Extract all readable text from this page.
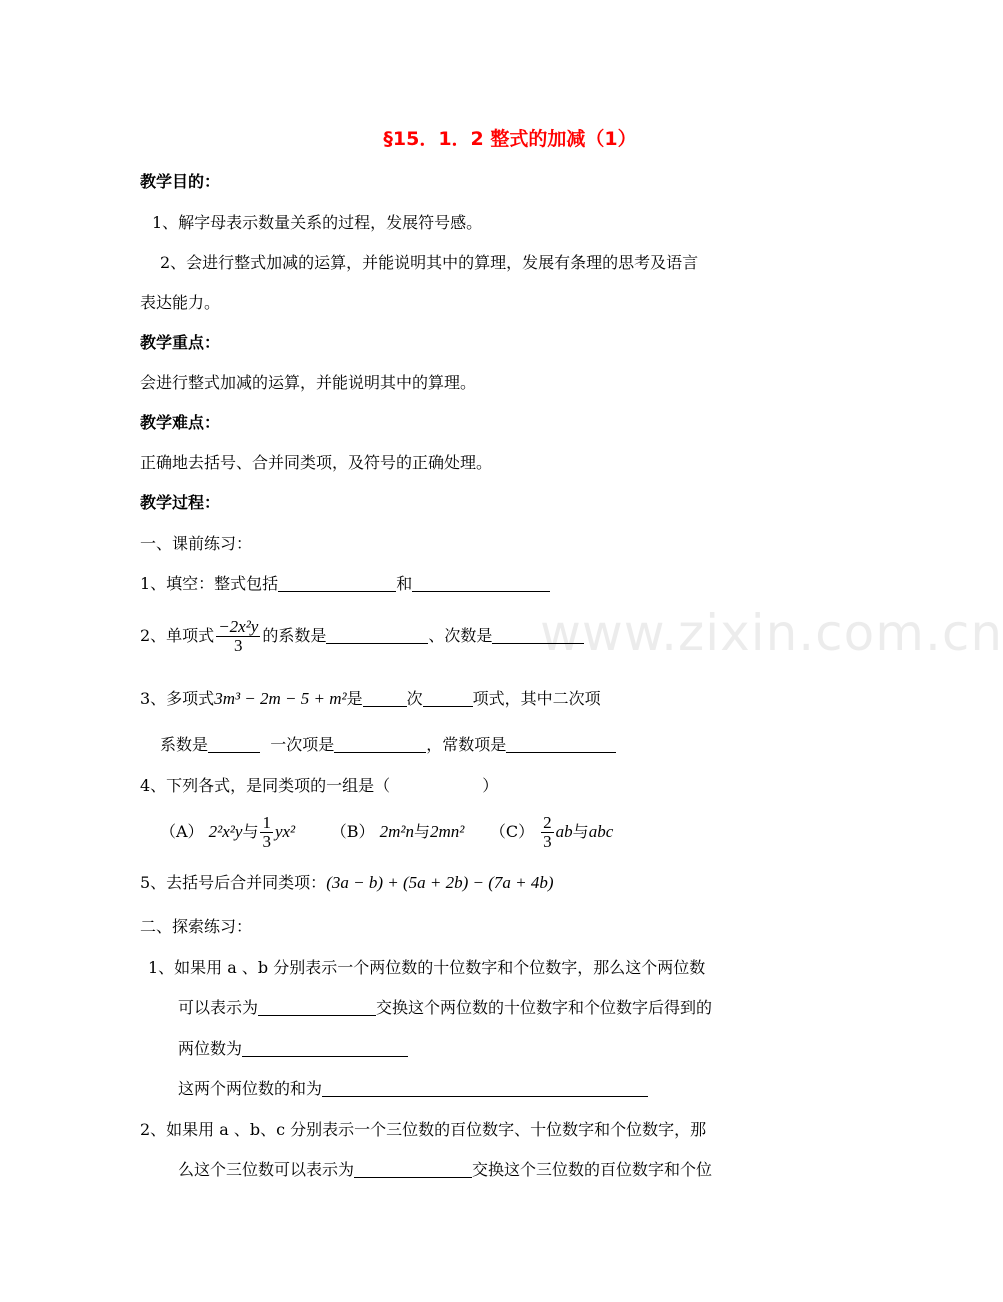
www.zixin.com.cn
§15．1．2 整式的加减（1）
教学目的：
1、解字母表示数量关系的过程，发展符号感。
2、会进行整式加减的运算，并能说明其中的算理，发展有条理的思考及语言
表达能力。
教学重点：
会进行整式加减的运算，并能说明其中的算理。
教学难点：
正确地去括号、合并同类项，及符号的正确处理。
教学过程：
一、课前练习：
1、填空：整式包括	和
2、单项式 $\frac{\text{−2x²y}}{3}$ 的系数是	、次数是
3、多项式3m³ − 2m − 5 + m²是	次	项式，其中二次项
系数是	一次项是	，常数项是
4、下列各式，是同类项的一组是（	）
（A） 2²x²y与 $\frac{1}{3} yx^2$ （B） 2m²n与2mn² $(C) \frac{2}{3}$ ab与abc
5、去括号后合并同类项：(3a − b) + (5a + 2b) − (7a + 4b)
二、探索练习：
1、如果用 a 、b 分别表示一个两位数的十位数字和个位数字，那么这个两位数
可以表示为	交换这个两位数的十位数字和个位数字后得到的
两位数为
这两个两位数的和为
2、如果用 a 、b、c 分别表示一个三位数的百位数字、十位数字和个位数字，那
么这个三位数可以表示为	交换这个三位数的百位数字和个位
